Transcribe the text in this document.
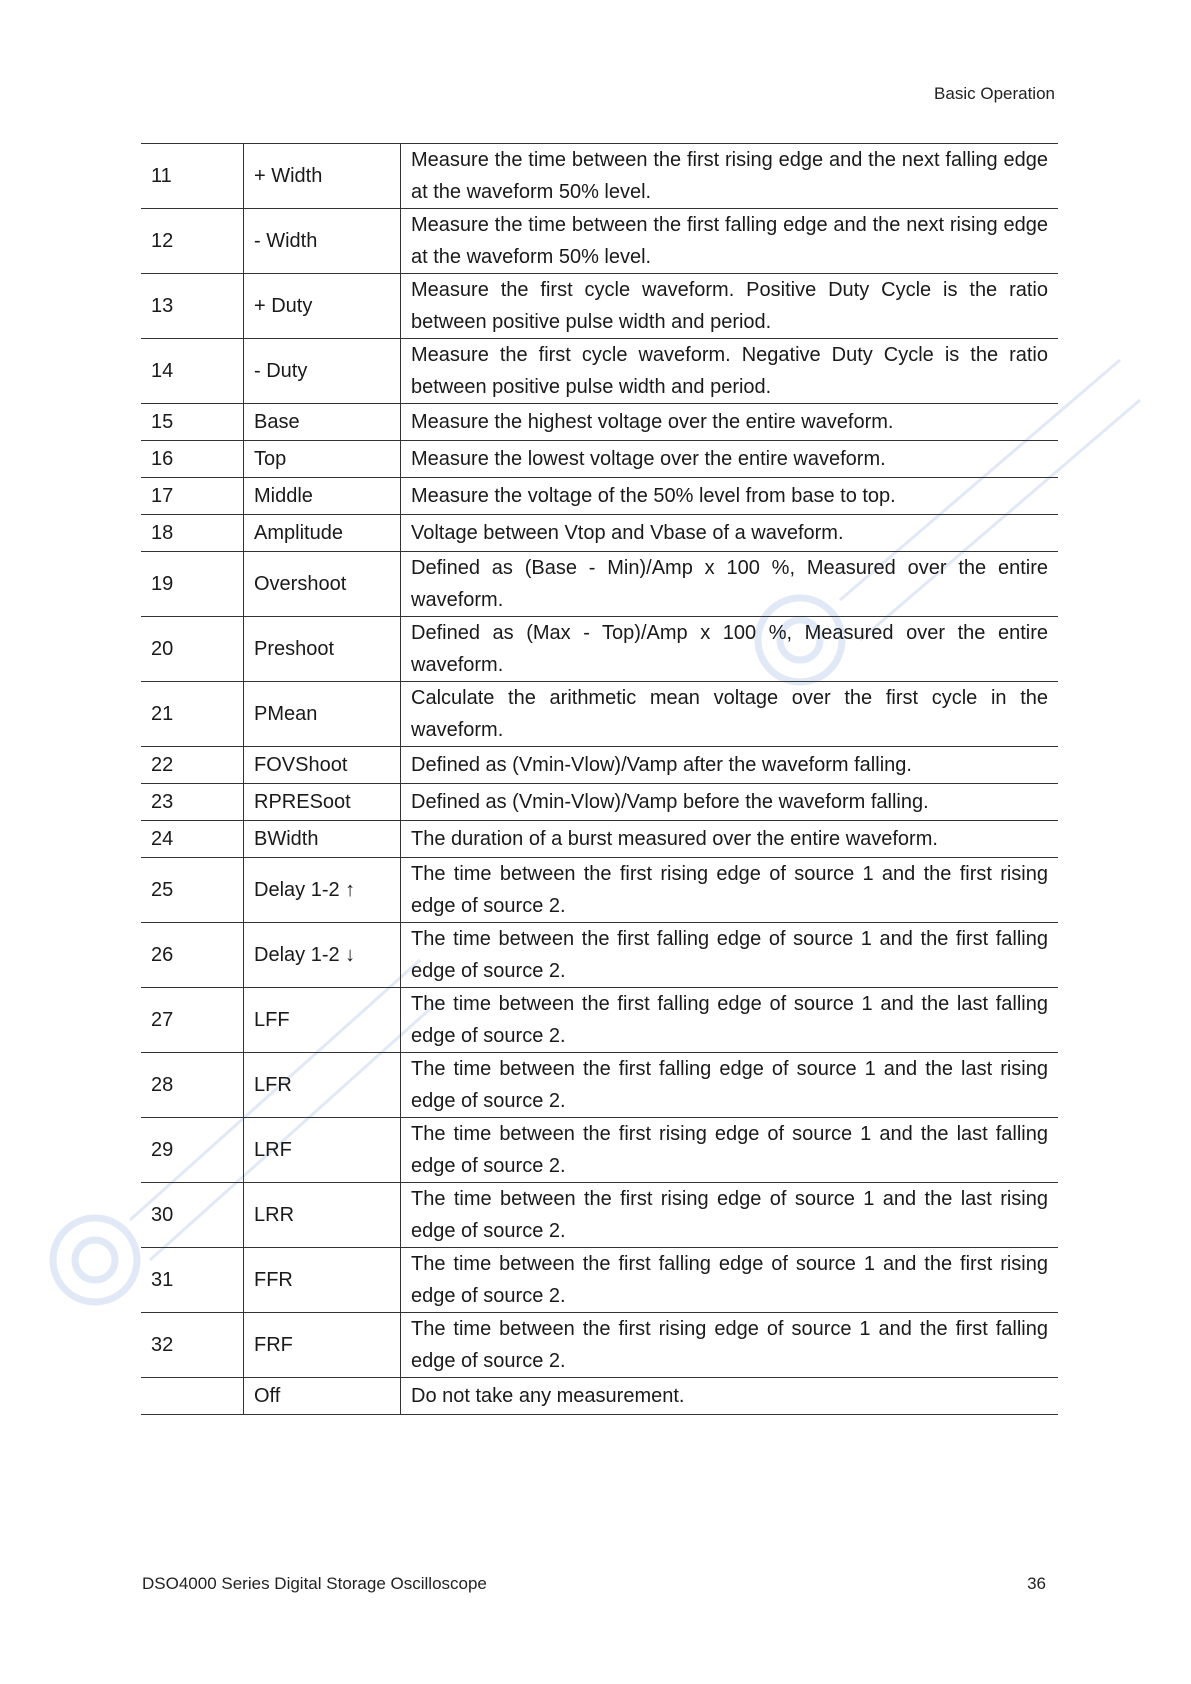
Basic Operation
11	+ Width	Measure the time between the first rising edge and the next falling edge at the waveform 50% level.
12	- Width	Measure the time between the first falling edge and the next rising edge at the waveform 50% level.
13	+ Duty	Measure the first cycle waveform. Positive Duty Cycle is the ratio between positive pulse width and period.
14	- Duty	Measure the first cycle waveform. Negative Duty Cycle is the ratio between positive pulse width and period.
15	Base	Measure the highest voltage over the entire waveform.
16	Top	Measure the lowest voltage over the entire waveform.
17	Middle	Measure the voltage of the 50% level from base to top.
18	Amplitude	Voltage between Vtop and Vbase of a waveform.
19	Overshoot	Defined as (Base - Min)/Amp x 100 %, Measured over the entire waveform.
20	Preshoot	Defined as (Max - Top)/Amp x 100 %, Measured over the entire waveform.
21	PMean	Calculate the arithmetic mean voltage over the first cycle in the waveform.
22	FOVShoot	Defined as (Vmin-Vlow)/Vamp after the waveform falling.
23	RPRESoot	Defined as (Vmin-Vlow)/Vamp before the waveform falling.
24	BWidth	The duration of a burst measured over the entire waveform.
25	Delay 1-2 ↑	The time between the first rising edge of source 1 and the first rising edge of source 2.
26	Delay 1-2 ↓	The time between the first falling edge of source 1 and the first falling edge of source 2.
27	LFF	The time between the first falling edge of source 1 and the last falling edge of source 2.
28	LFR	The time between the first falling edge of source 1 and the last rising edge of source 2.
29	LRF	The time between the first rising edge of source 1 and the last falling edge of source 2.
30	LRR	The time between the first rising edge of source 1 and the last rising edge of source 2.
31	FFR	The time between the first falling edge of source 1 and the first rising edge of source 2.
32	FRF	The time between the first rising edge of source 1 and the first falling edge of source 2.
	Off	Do not take any measurement.
DSO4000 Series Digital Storage Oscilloscope	36
